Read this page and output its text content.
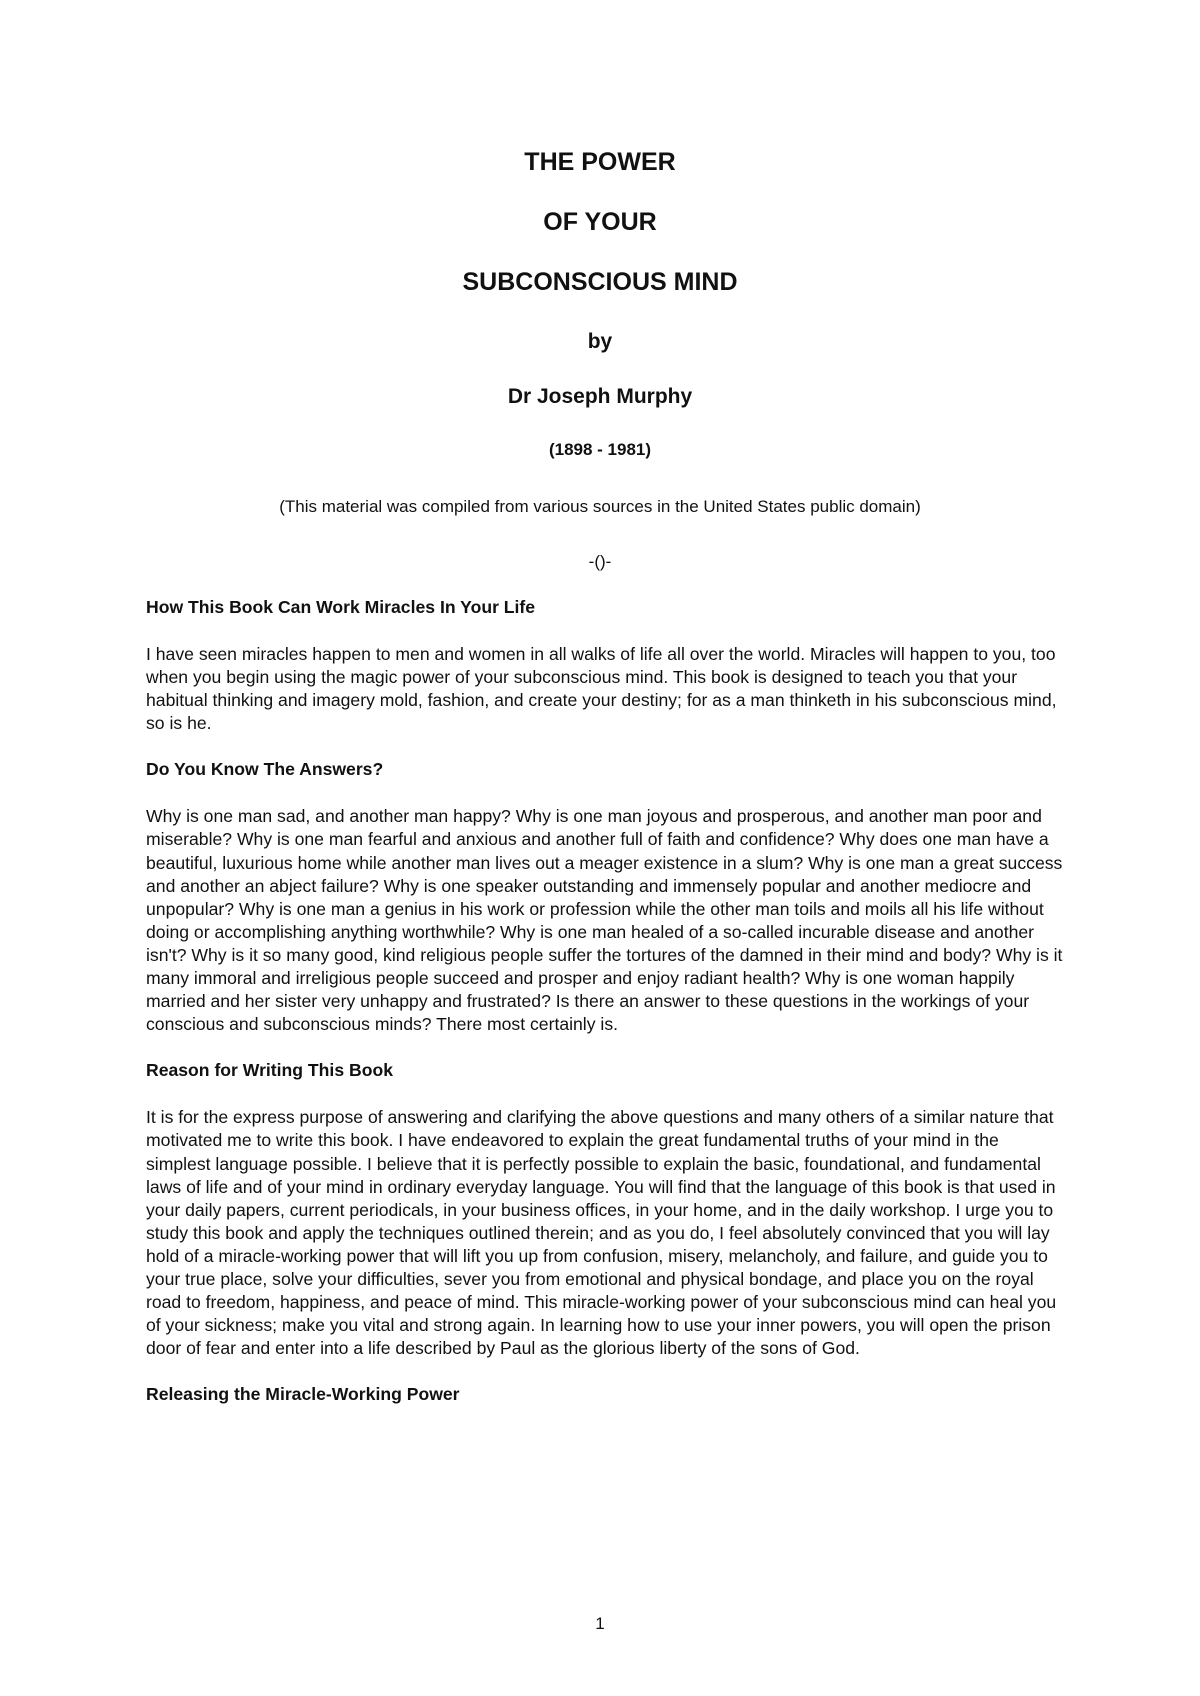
THE POWER
OF YOUR
SUBCONSCIOUS MIND
by
Dr Joseph Murphy
(1898 - 1981)
(This material was compiled from various sources in the United States public domain)
-()-
How This Book Can Work Miracles In Your Life

I have seen miracles happen to men and women in all walks of life all over the world. Miracles will happen to you, too when you begin using the magic power of your subconscious mind. This book is designed to teach you that your habitual thinking and imagery mold, fashion, and create your destiny; for as a man thinketh in his subconscious mind, so is he.

Do You Know The Answers?

Why is one man sad, and another man happy? Why is one man joyous and prosperous, and another man poor and miserable? Why is one man fearful and anxious and another full of faith and confidence? Why does one man have a beautiful, luxurious home while another man lives out a meager existence in a slum? Why is one man a great success and another an abject failure? Why is one speaker outstanding and immensely popular and another mediocre and unpopular? Why is one man a genius in his work or profession while the other man toils and moils all his life without doing or accomplishing anything worthwhile? Why is one man healed of a so-called incurable disease and another isn't? Why is it so many good, kind religious people suffer the tortures of the damned in their mind and body? Why is it many immoral and irreligious people succeed and prosper and enjoy radiant health? Why is one woman happily married and her sister very unhappy and frustrated? Is there an answer to these questions in the workings of your conscious and subconscious minds? There most certainly is.

Reason for Writing This Book

It is for the express purpose of answering and clarifying the above questions and many others of a similar nature that motivated me to write this book. I have endeavored to explain the great fundamental truths of your mind in the simplest language possible. I believe that it is perfectly possible to explain the basic, foundational, and fundamental laws of life and of your mind in ordinary everyday language. You will find that the language of this book is that used in your daily papers, current periodicals, in your business offices, in your home, and in the daily workshop. I urge you to study this book and apply the techniques outlined therein; and as you do, I feel absolutely convinced that you will lay hold of a miracle-working power that will lift you up from confusion, misery, melancholy, and failure, and guide you to your true place, solve your difficulties, sever you from emotional and physical bondage, and place you on the royal road to freedom, happiness, and peace of mind. This miracle-working power of your subconscious mind can heal you of your sickness; make you vital and strong again. In learning how to use your inner powers, you will open the prison door of fear and enter into a life described by Paul as the glorious liberty of the sons of God.

Releasing the Miracle-Working Power
1
